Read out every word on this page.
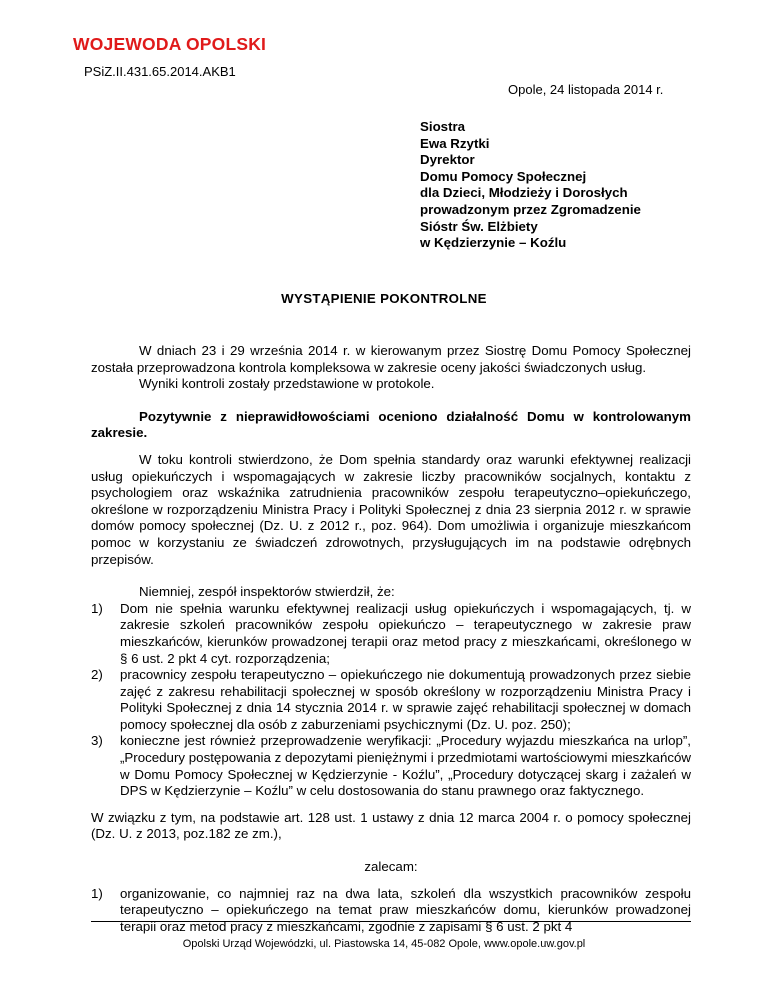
WOJEWODA OPOLSKI
PSiZ.II.431.65.2014.AKB1
Opole, 24 listopada 2014 r.
Siostra
Ewa Rzytki
Dyrektor
Domu Pomocy Społecznej
dla Dzieci, Młodzieży i Dorosłych
prowadzonym przez Zgromadzenie
Sióstr Św. Elżbiety
w Kędzierzynie – Koźlu
WYSTĄPIENIE POKONTROLNE

W dniach 23 i 29 września 2014 r. w kierowanym przez Siostrę Domu Pomocy Społecznej została przeprowadzona kontrola kompleksowa w zakresie oceny jakości świadczonych usług.

Wyniki kontroli zostały przedstawione w protokole.

Pozytywnie z nieprawidłowościami oceniono działalność Domu w kontrolowanym zakresie.

W toku kontroli stwierdzono, że Dom spełnia standardy oraz warunki efektywnej realizacji usług opiekuńczych i wspomagających w zakresie liczby pracowników socjalnych, kontaktu z psychologiem oraz wskaźnika zatrudnienia pracowników zespołu terapeutyczno–opiekuńczego, określone w rozporządzeniu Ministra Pracy i Polityki Społecznej z dnia 23 sierpnia 2012 r. w sprawie domów pomocy społecznej (Dz. U. z 2012 r., poz. 964). Dom umożliwia i organizuje mieszkańcom pomoc w korzystaniu ze świadczeń zdrowotnych, przysługujących im na podstawie odrębnych przepisów.

Niemniej, zespół inspektorów stwierdził, że:

1) Dom nie spełnia warunku efektywnej realizacji usług opiekuńczych i wspomagających, tj. w zakresie szkoleń pracowników zespołu opiekuńczo – terapeutycznego w zakresie praw mieszkańców, kierunków prowadzonej terapii oraz metod pracy z mieszkańcami, określonego w § 6 ust. 2 pkt 4 cyt. rozporządzenia;
2) pracownicy zespołu terapeutyczno – opiekuńczego nie dokumentują prowadzonych przez siebie zajęć z zakresu rehabilitacji społecznej w sposób określony w rozporządzeniu Ministra Pracy i Polityki Społecznej z dnia 14 stycznia 2014 r. w sprawie zajęć rehabilitacji społecznej w domach pomocy społecznej dla osób z zaburzeniami psychicznymi (Dz. U. poz. 250);
3) konieczne jest również przeprowadzenie weryfikacji: „Procedury wyjazdu mieszkańca na urlop”, „Procedury postępowania z depozytami pieniężnymi i przedmiotami wartościowymi mieszkańców w Domu Pomocy Społecznej w Kędzierzynie - Koźlu”, „Procedury dotyczącej skarg i zażaleń w DPS w Kędzierzynie – Koźlu” w celu dostosowania do stanu prawnego oraz faktycznego.

W związku z tym, na podstawie art. 128 ust. 1 ustawy z dnia 12 marca 2004 r. o pomocy społecznej (Dz. U. z 2013, poz.182 ze zm.),

zalecam:

1) organizowanie, co najmniej raz na dwa lata, szkoleń dla wszystkich pracowników zespołu terapeutyczno – opiekuńczego na temat praw mieszkańców domu, kierunków prowadzonej terapii oraz metod pracy z mieszkańcami, zgodnie z zapisami § 6 ust. 2 pkt 4
Opolski Urząd Wojewódzki, ul. Piastowska 14, 45-082 Opole, www.opole.uw.gov.pl
